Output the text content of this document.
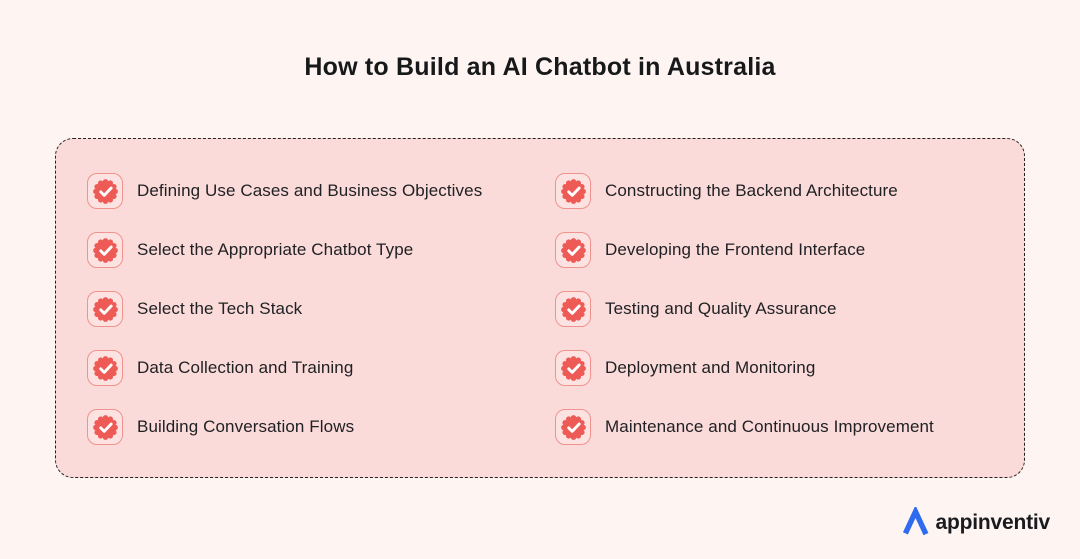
How to Build an AI Chatbot in Australia
Defining Use Cases and Business Objectives
Select the Appropriate Chatbot Type
Select the Tech Stack
Data Collection and Training
Building Conversation Flows
Constructing the Backend Architecture
Developing the Frontend Interface
Testing and Quality Assurance
Deployment and Monitoring
Maintenance and Continuous Improvement
appinventiv
